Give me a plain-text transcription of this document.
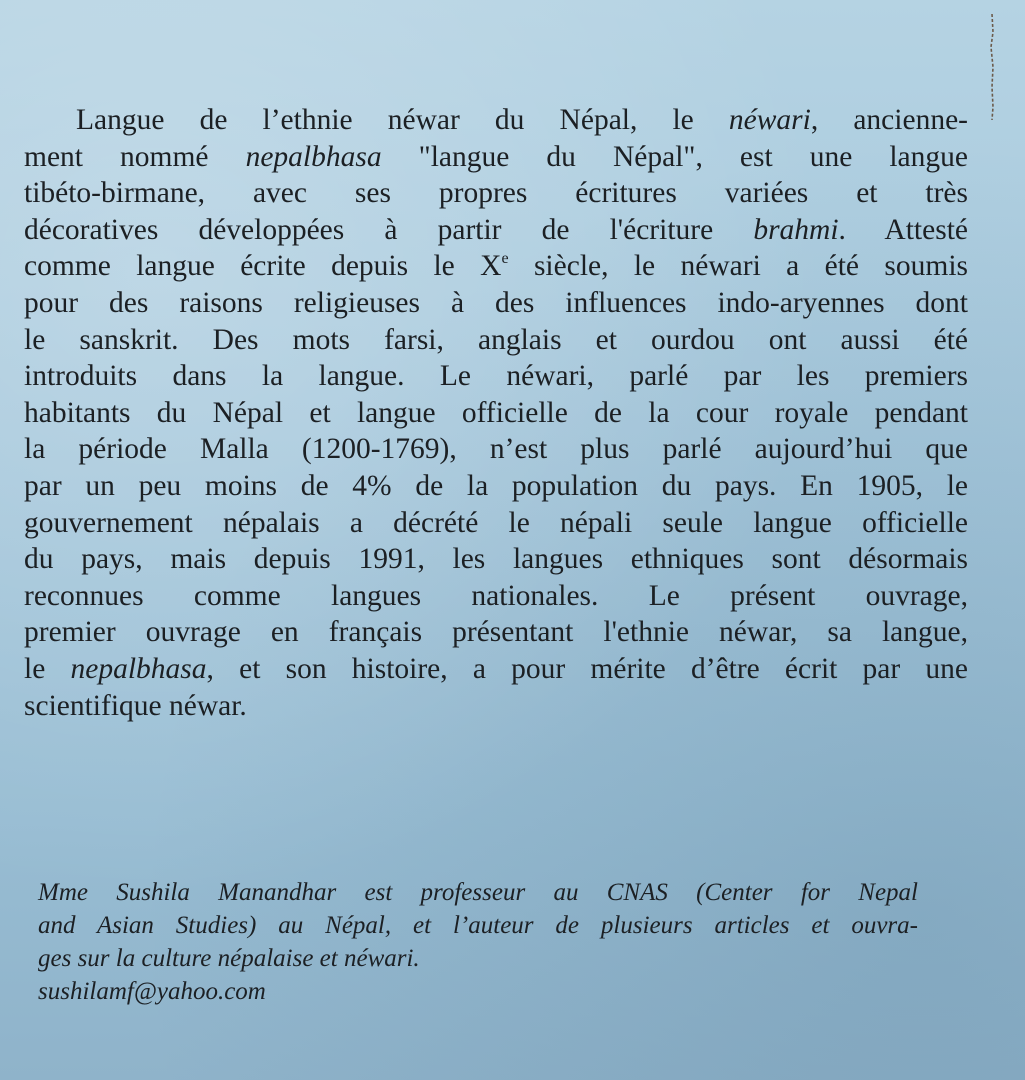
Langue de l’ethnie néwar du Népal, le néwari, ancienne-
ment nommé nepalbhasa "langue du Népal", est une langue
tibéto-birmane, avec ses propres écritures variées et très
décoratives développées à partir de l'écriture brahmi. Attesté
comme langue écrite depuis le Xe siècle, le néwari a été soumis
pour des raisons religieuses à des influences indo-aryennes dont
le sanskrit. Des mots farsi, anglais et ourdou ont aussi été
introduits dans la langue. Le néwari, parlé par les premiers
habitants du Népal et langue officielle de la cour royale pendant
la période Malla (1200-1769), n’est plus parlé aujourd’hui que
par un peu moins de 4% de la population du pays. En 1905, le
gouvernement népalais a décrété le népali seule langue officielle
du pays, mais depuis 1991, les langues ethniques sont désormais
reconnues comme langues nationales. Le présent ouvrage,
premier ouvrage en français présentant l'ethnie néwar, sa langue,
le nepalbhasa, et son histoire, a pour mérite d’être écrit par une
scientifique néwar.
Mme Sushila Manandhar est professeur au CNAS (Center for Nepal
and Asian Studies) au Népal, et l’auteur de plusieurs articles et ouvra-
ges sur la culture népalaise et néwari.
sushilamf@yahoo.com
